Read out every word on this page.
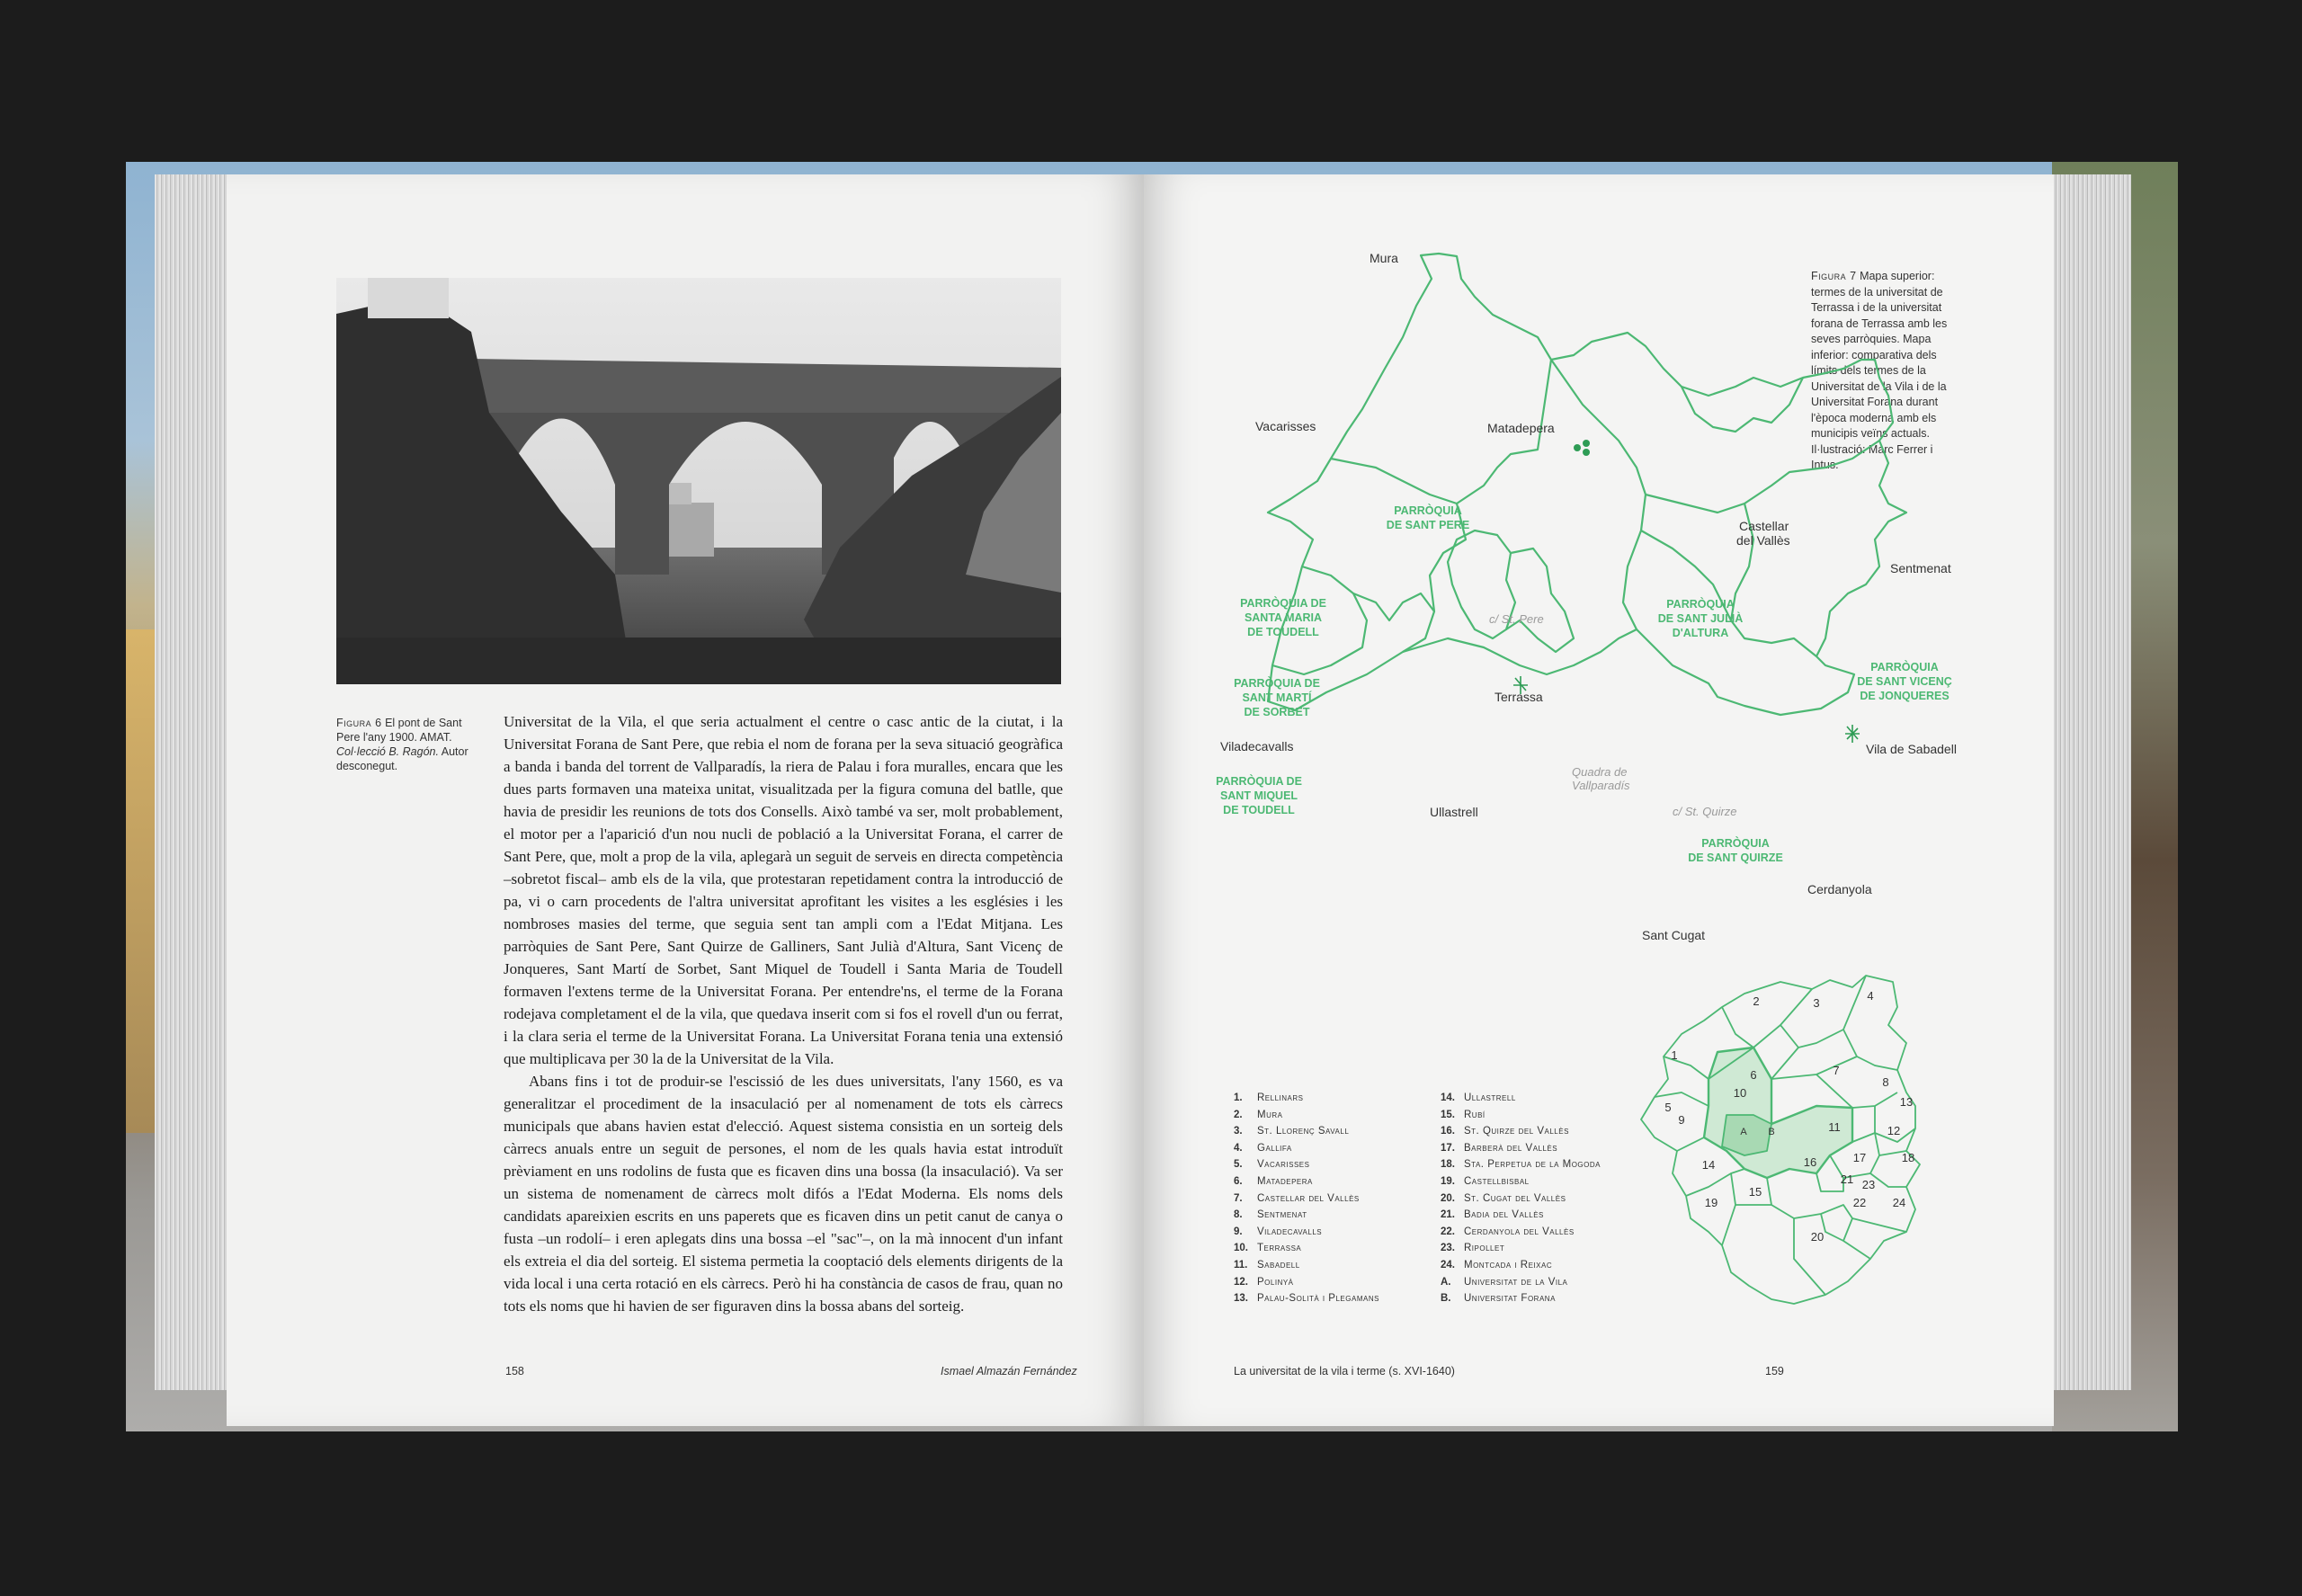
Figura 6 El pont de Sant Pere l'any 1900. AMAT. Col·lecció B. Ragón. Autor desconegut.

Universitat de la Vila, el que seria actualment el centre o casc antic de la ciutat, i la Universitat Forana de Sant Pere, que rebia el nom de forana per la seva situació geogràfica a banda i banda del torrent de Vallparadís, la riera de Palau i fora muralles, encara que les dues parts formaven una mateixa unitat, visualitzada per la figura comuna del batlle, que havia de presidir les reunions de tots dos Consells. Això també va ser, molt probablement, el motor per a l'aparició d'un nou nucli de població a la Universitat Forana, el carrer de Sant Pere, que, molt a prop de la vila, aplegarà un seguit de serveis en directa competència –sobretot fiscal– amb els de la vila, que protestaran repetidament contra la introducció de pa, vi o carn procedents de l'altra universitat aprofitant les visites a les esglésies i les nombroses masies del terme, que seguia sent tan ampli com a l'Edat Mitjana. Les parròquies de Sant Pere, Sant Quirze de Galliners, Sant Julià d'Altura, Sant Vicenç de Jonqueres, Sant Martí de Sorbet, Sant Miquel de Toudell i Santa Maria de Toudell formaven l'extens terme de la Universitat Forana. Per entendre'ns, el terme de la Forana rodejava completament el de la vila, que quedava inserit com si fos el rovell d'un ou ferrat, i la clara seria el terme de la Universitat Forana. La Universitat Forana tenia una extensió que multiplicava per 30 la de la Universitat de la Vila.

Abans fins i tot de produir-se l'escissió de les dues universitats, l'any 1560, es va generalitzar el procediment de la insaculació per al nomenament de tots els càrrecs municipals que abans havien estat d'elecció. Aquest sistema consistia en un sorteig dels càrrecs anuals entre un seguit de persones, el nom de les quals havia estat introduït prèviament en uns rodolins de fusta que es ficaven dins una bossa (la insaculació). Va ser un sistema de nomenament de càrrecs molt difós a l'Edat Moderna. Els noms dels candidats apareixien escrits en uns paperets que es ficaven dins un petit canut de canya o fusta –un rodolí– i eren aplegats dins una bossa –el "sac"–, on la mà innocent d'un infant els extreia el dia del sorteig. El sistema permetia la cooptació dels elements dirigents de la vida local i una certa rotació en els càrrecs. Però hi ha constància de casos de frau, quan no tots els noms que hi havien de ser figuraven dins la bossa abans del sorteig.

158	Ismael Almazán Fernández	La universitat de la vila i terme (s. XVI-1640)	159
Figura 7 Mapa superior: termes de la universitat de Terrassa i de la universitat forana de Terrassa amb les seves parròquies. Mapa inferior: comparativa dels límits dels termes de la Universitat de la Vila i de la Universitat Forana durant l'època moderna amb els municipis veïns actuals. Il·lustració: Marc Ferrer i Intus.
Mura
Vacarisses	Matadepera
Castellar
del Vallès
Sentmenat
Terrassa
Viladecavalls
Ullastrell
Vila de Sabadell
Cerdanyola
Sant Cugat
c/ St. Pere
Quadra de
Vallparadís
c/ St. Quirze
PARRÒQUIA
DE SANT PERE
PARRÒQUIA DE
SANTA MARIA
DE TOUDELL
PARRÒQUIA DE
SANT MARTÍ
DE SORBET
PARRÒQUIA DE
SANT MIQUEL
DE TOUDELL
PARRÒQUIA
DE SANT JULIÀ
D'ALTURA
PARRÒQUIA
DE SANT VICENÇ
DE JONQUERES
PARRÒQUIA
DE SANT QUIRZE
1.	Rellinars
2.	Mura
3.	St. Llorenç Savall
4.	Gallifa
5.	Vacarisses
6.	Matadepera
7.	Castellar del Vallès
8.	Sentmenat
9.	Viladecavalls
10. Terrassa
11. Sabadell
12. Polinyà
13. Palau-Solità i Plegamans
14. Ullastrell
15. Rubí
16. St. Quirze del Vallès
17. Barberà del Vallès
18. Sta. Perpetua de la Mogoda
19. Castellbisbal
20. St. Cugat del Vallès
21. Badia del Vallès
22. Cerdanyola del Vallès
23. Ripollet
24. Montcada i Reixac
A.	Universitat de la Vila
B.	Universitat Forana
1
2	3
4
5
6	7
8
9
10
11	12
13
14
15
16	17	18
19
20
21
22
23
24
A B
